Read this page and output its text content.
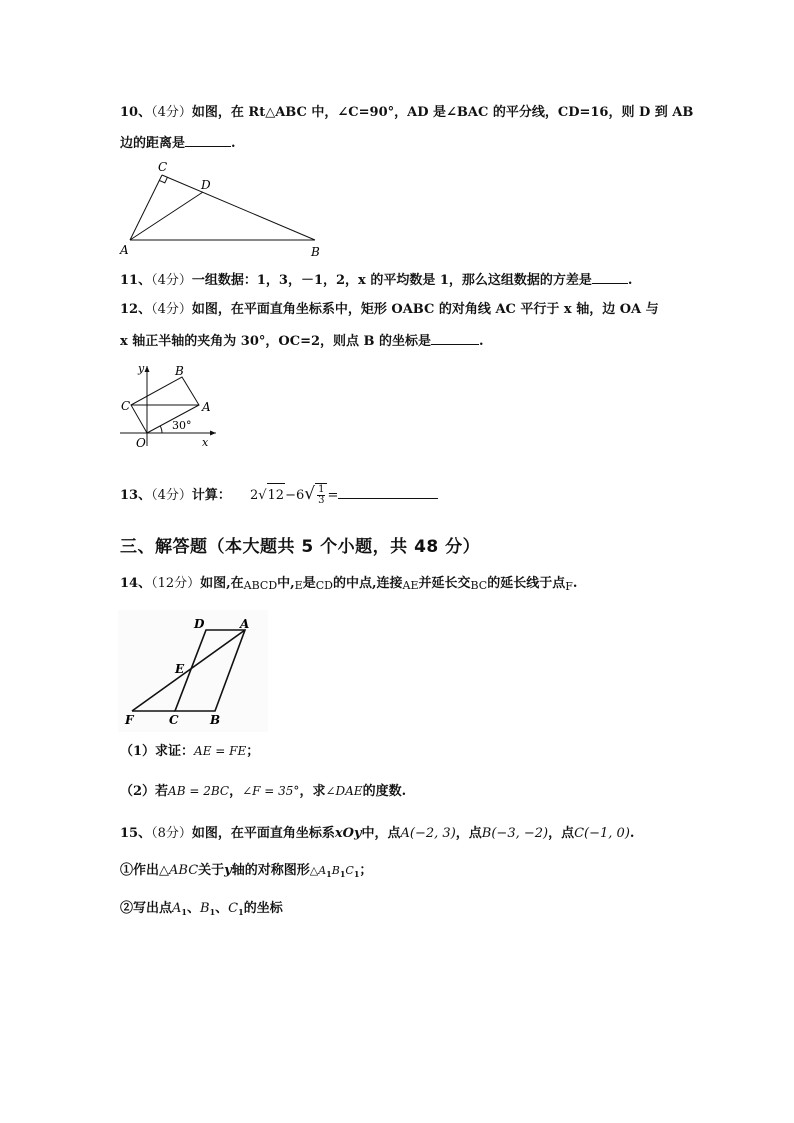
10、（4分）如图，在 Rt△ABC 中，∠C=90°，AD 是∠BAC 的平分线，CD=16，则 D 到 AB
边的距离是	.
C
D
A	B
11、（4分）一组数据：1，3，－1，2，x 的平均数是 1，那么这组数据的方差是	.
12、（4分）如图，在平面直角坐标系中，矩形 OABC 的对角线 AC 平行于 x 轴，边 OA 与
x 轴正半轴的夹角为 30°，OC=2，则点 B 的坐标是	.
y	B
C	A
30°
O	x
13、（4分）计算： $2√12-6√ \frac{1}{3}$ =
三、解答题（本大题共 5 个小题，共 48 分）
14、（12分）如图,在ABCD中,E是CD的中点,连接AE并延长交BC的延长线于点$_F$.
D	A
E
F	C	B
（1）求证：AE = FE；
（2）若AB = 2BC，∠F = 35°，求∠DAE的度数.
15、（8分）如图，在平面直角坐标系xOy中，点A(−2, 3)，点B(−3, −2)，点C(−1, 0).
①作出△ABC关于y轴的对称图形$\triangle A_1B_1C_1$；
②写出点$A_1$、$B_1$、$C_1$的坐标
